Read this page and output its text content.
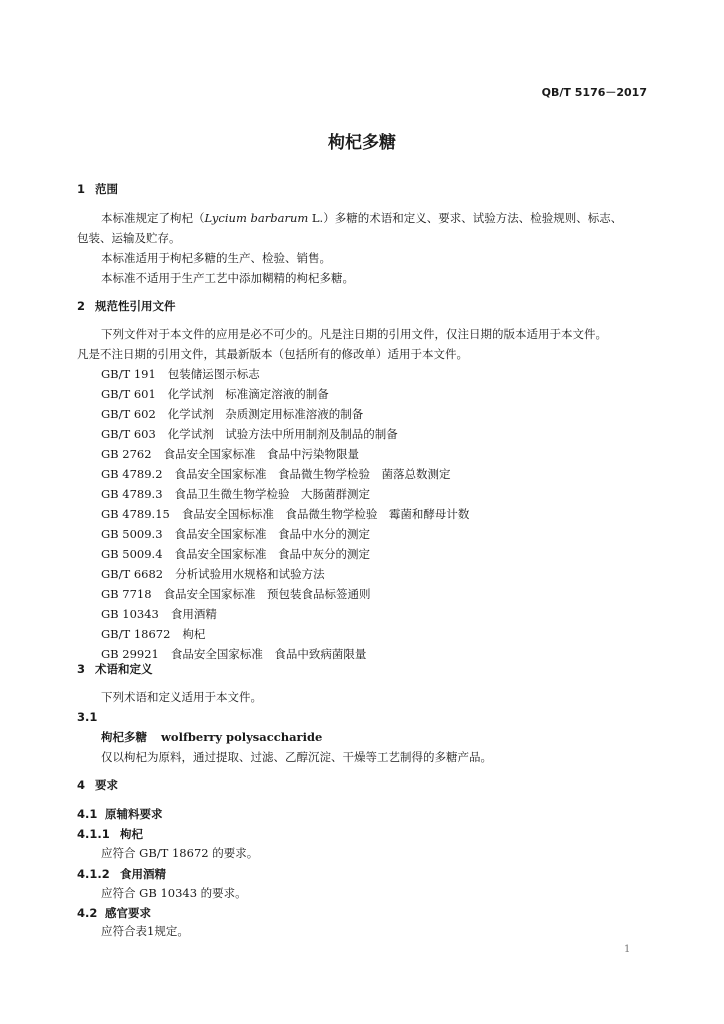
QB/T 5176－2017
枸杞多糖
1 范围
本标准规定了枸杞（Lycium barbarum L.）多糖的术语和定义、要求、试验方法、检验规则、标志、
包装、运输及贮存。
本标准适用于枸杞多糖的生产、检验、销售。
本标准不适用于生产工艺中添加糊精的枸杞多糖。
2 规范性引用文件
下列文件对于本文件的应用是必不可少的。凡是注日期的引用文件，仅注日期的版本适用于本文件。
凡是不注日期的引用文件，其最新版本（包括所有的修改单）适用于本文件。
GB/T 191 包装储运图示标志
GB/T 601 化学试剂　标准滴定溶液的制备
GB/T 602 化学试剂　杂质测定用标准溶液的制备
GB/T 603 化学试剂　试验方法中所用制剂及制品的制备
GB 2762 食品安全国家标准　食品中污染物限量
GB 4789.2 食品安全国家标准　食品微生物学检验　菌落总数测定
GB 4789.3 食品卫生微生物学检验　大肠菌群测定
GB 4789.15 食品安全国标标准　食品微生物学检验　霉菌和酵母计数
GB 5009.3 食品安全国家标准　食品中水分的测定
GB 5009.4 食品安全国家标准　食品中灰分的测定
GB/T 6682 分析试验用水规格和试验方法
GB 7718 食品安全国家标准　预包装食品标签通则
GB 10343 食用酒精
GB/T 18672 枸杞
GB 29921 食品安全国家标准　食品中致病菌限量
3 术语和定义
下列术语和定义适用于本文件。
3.1
枸杞多糖 wolfberry polysaccharide
仅以枸杞为原料，通过提取、过滤、乙醇沉淀、干燥等工艺制得的多糖产品。
4 要求
4.1 原辅料要求
4.1.1 枸杞
应符合 GB/T 18672 的要求。
4.1.2 食用酒精
应符合 GB 10343 的要求。
4.2 感官要求
应符合表1规定。
1
